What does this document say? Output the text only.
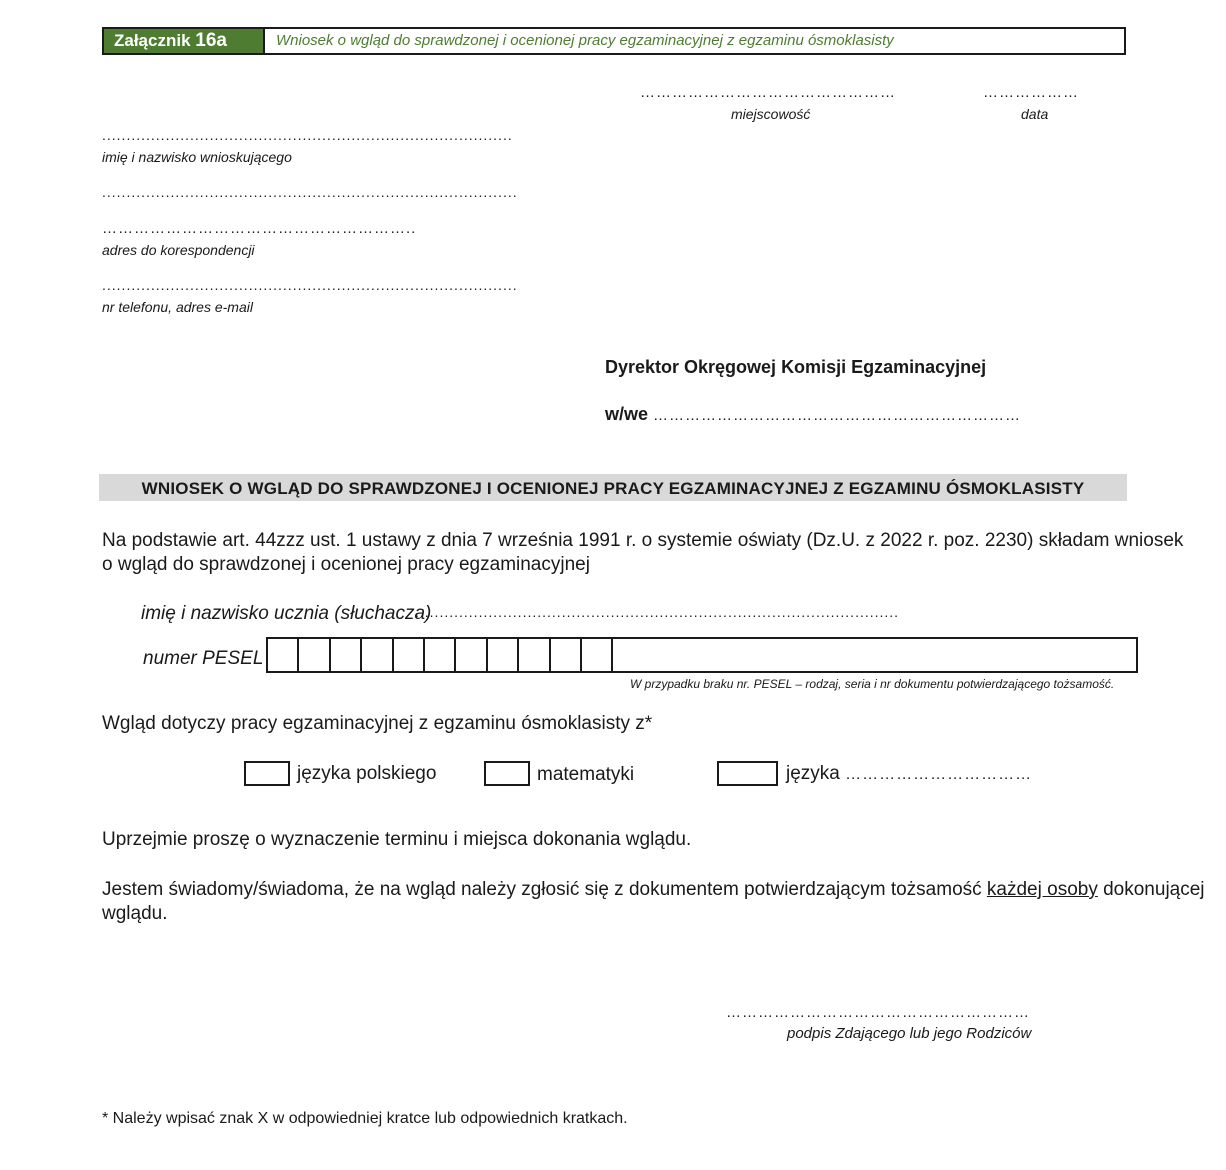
Załącznik 16a	Wniosek o wgląd do sprawdzonej i ocenionej pracy egzaminacyjnej z egzaminu ósmoklasisty
…………………………………………
miejscowość
………………
data
....................................................................................
imię i nazwisko wnioskującego
.....................................................................................
…………………………………………………..
adres do korespondencji
.....................................................................................
nr telefonu, adres e-mail
Dyrektor Okręgowej Komisji Egzaminacyjnej
w/we ……………………………………………………………
WNIOSEK O WGLĄD DO SPRAWDZONEJ I OCENIONEJ PRACY EGZAMINACYJNEJ Z EGZAMINU ÓSMOKLASISTY
Na podstawie art. 44zzz ust. 1 ustawy z dnia 7 września 1991 r. o systemie oświaty (Dz.U. z 2022 r. poz. 2230) składam wniosek
o wgląd do sprawdzonej i ocenionej pracy egzaminacyjnej
imię i nazwisko ucznia (słuchacza)
...................................................................................................
numer PESEL
W przypadku braku nr. PESEL – rodzaj, seria i nr dokumentu potwierdzającego tożsamość.
Wgląd dotyczy pracy egzaminacyjnej z egzaminu ósmoklasisty z*
języka polskiego	matematyki	języka ……………………………
Uprzejmie proszę o wyznaczenie terminu i miejsca dokonania wglądu.
Jestem świadomy/świadoma, że na wgląd należy zgłosić się z dokumentem potwierdzającym tożsamość każdej osoby dokonującej
wglądu.
…………………………………………………
podpis Zdającego lub jego Rodziców
* Należy wpisać znak X w odpowiedniej kratce lub odpowiednich kratkach.
